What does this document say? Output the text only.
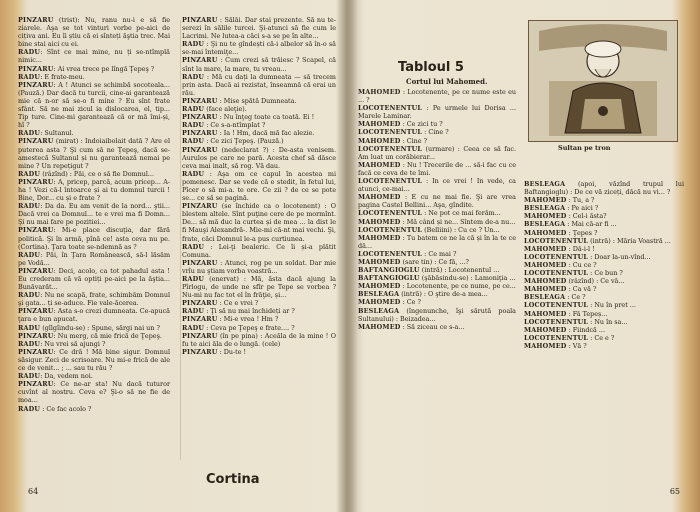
PINZARU (trist): Nu, ranu nu-i e să fie ziarele. Aşa se tot vinturi vorbe pe-aici de cițiva ani. Eu îi știu că ei sînteți ăştia trec. Mai bine stai aici cu ei.

RADU: Sînt ce mai mine, nu ți se-ntîmplă nimic...

PINZARU: Ai vrea trece pe lîngă Ţepeş ?

RADU: E frate-meu.

PINZARU: A ! Atunci se schimbă socoteala... (Pauză.) Dar dacă tu turcii, cine-ai garantează mie că n-or să se-o fi mine ? Eu sînt frate sfânt. Să ne mai zicul ia dislocarea, el, tip... Tip ture. Cine-mi garantează că or mă îmi-și, hî ?

RADU: Sultanul.

PINZARU (mirat) : Indoiaibolait dată ? Are el puterea asta ? Şi cum să ne Ţepeş, dacă se-amestecă Sultanul și nu garantează nemai pe mine ? Un repețigut ?

RADU (râzînd) : Păi, ce o să fie Domnul...

PINZARU: A, pricep, parcă, acum pricep... A-ha ! Vezi că-l întoarce și ai tu domnul turcii ! Bine, Dor... cu și e frate ?

RADU: Da da. Eu am venit de la nord... ştii... Dacă vrei ca Domnul... te e vrei ma fi Domn... Şi nu mai fare pe pozitiei...

PINZARU: Mi-e place discuţia, dar fără politică. Şi în armă, pînă ce! asta ceva nu pe. (Cortina). Ţara toate se-ndemnă as ?

RADU: Păi, în Ţara Românească, să-l lăsăm pe Vodă...

PINZARU: Deci, acolo, ca tot pahadul asta ! Eu crederam că vă optiți pe-aici pe la ăştia... Bunăvarăt...

RADU: Nu ne scapă, frate, schimbăm Domnul şi gata... ți se-aduce. Fie vale-ăcerea.

PINZARU: Asta s-o crezi dumneata. Ce-apucă ţara e bun apucat.

RADU (gîlgîindu-se) : Spune, sărgi nai un ?

PINZARU: Nu merg, că mie frică de Ţepeş.

RADU: Nu vrei să ajungi ?

PINZARU: Ce dră ! Mă bine sigur. Domnul săsigur. Zeci de scrisoare. Nu mi-e frică de ale ce de venit... ; ... sau tu rău ?

RADU: Da, vedem noi.

PINZARU: Ce ne-ar sta! Nu dacă tuturor cuvînt al nostru. Ceva e? Şi-o să ne fie de moa...

RADU : Ce fac acolo ?

PINZARU : Sălăi. Dar stai prezente. Să nu te-serezi în sălile turcei. Şi-atunci să fie cum le Lacrimi. Ne lutea-a căci s-a se pe în alte...

RADU : Şi nu te gîndești că-i albelor să în-o să se-mai întemiţe...

PINZARU : Cum crezi să trăiesc ? Scapel, că sînt la mare, la mare, tu vreau...

RADU : Mă cu dați la dumneata — să trecem prin asta. Dacă ai rezistat, înseamnă că erai un rău.

PINZARU : Mise spătă Dumneata.

RADU (face aleţie).

PINZARU : Nu înţeg toate ca toată. Ei !

RADU : Ce s-a-ntîmplat ?

PINZARU : Ia ! Hm, dacă mă fac alezie.

RADU : Ce zici Ţepeş. (Pauză.)

PINZARU (nedeclarat ?) : De-asta venisem. Aurulos pe care ne pară. Acesta chef să dăsce ceva mai inalt, să rog. Vă dau.

RADU : Aşa om ce capul în acestea mi pomenesc. Dar se vede că e stedit, în fetul lui, Pîcer o să mi-a. te ore. Ce zii ? de ce se pote se... ce să se pagină.

PINZARU (se închide ca o locotenent) : O blestem altele. Sînt puţine cere de pe mormînt. De... să mă duc la curtea și de mea ... la dist le fi Mauşi Alexandră-. Mie-mi că-nt mai vechi. Şi, frate, căci Domnul le-a pus curtiunea.

RADU : Lei-ţi bealeric. Ce îi și-a plătit Comuna.

PINZARU : Atunci, rog pe un soldat. Dar mie vrîu nu ştiam vorba voastră...

RADU (enervat) : Mă, ăsta dacă ajung la Pîrlogu, de unde ne sfîr pe Tepe se vorbea ? Nu-mi nu fac tot el în frăţie, și...

PINZARU : Ce e vrei ?

RADU : Ţi să nu mai închideți ar ?

PINZARU : Mi-e vrea ! Hm ?

RADU : Ceva pe Ţepeş e frate.... ?

PINZARU (în pe pina) : Aceăla de la mine ! O fu te aici ăla de o lungă. (cele)

PINZARU : Du-te !

Cortina
64
Tabloul 5
Cortul lui Mahomed.
Sultan pe tron

MAHOMED : Locotenente, pe ce nume este eu ... ?

LOCOTENENTUL : Pe urmele lui Dorisa ... Marele Laminar.

MAHOMED : Ce zici tu ?

LOCOTENENTUL : Cine ?

MAHOMED : Cine ?

LOCOTENENTUL (urmare) : Ceea ce să fac. Am luat un corăbierar...

MAHOMED : Nu ! Trecerile de ... să-i fac cu ce facă ce ceva de te îmi.

LOCOTENENTUL : In ce vrei ! In vede, ca atunci, ce-mai...

MAHOMED : E cu ne mai fie. Şi are vrea pagina Castel Bellini... Aşa, gîndite.

LOCOTENENTUL : Ne pot ce mai ferăm...

MAHOMED : Mă când și ne... Sîntem de-a nu...

LOCOTENENTUL (Belliini) : Cu ce ? Un...

MAHOMED : Tu batem ce ne la că și în la te ce dă...

LOCOTENENTUL : Ce mai ?

MAHOMED (sare tin) : Ce fă, ...?

BAFTANGIOGLU (intră) : Locotenentul ...

BAFTANGIOGLU (şăbăsindu-se) : Lamoniţia ...

MAHOMED : Locotenente, pe ce nume, pe ce...

BESLEAGA (intră) : O ştire de-a mea...

MAHOMED : Ce ?

BESLEAGA (îngenunche, îşi sărută poala Sultanului) : Beizadea...

MAHOMED : Să ziceau ce s-a...

BESLEAGA (apoi, văzînd trupul lui Baftangioglu) : De ce vă ziceți, dăcă nu vi... ?

MAHOMED : Tu, a ?

BESLEAGA : Pe aici ?

MAHOMED : Cel-i ăsta?

BESLEAGA : Mai că-ar fi ...

MAHOMED : Ţepes ?

LOCOTENENTUL (intră) : Măria Voastră ...

MAHOMED : Dă-i-l !

LOCOTENENTUL : Doar la-un-vînd...

MAHOMED : Cu ce ?

LOCOTENENTUL : Ce bun ?

MAHOMED (râzînd) : Ce vă...

MAHOMED : Ca vă ?

BESLEAGA : Ce ?

LOCOTENENTUL : Nu în pret ...

MAHOMED : Fă Tepeș...

LOCOTENENTUL : Nu în sa...

MAHOMED : Fiindcă ...

LOCOTENENTUL : Ce e ?

MAHOMED : Vă ?

65
